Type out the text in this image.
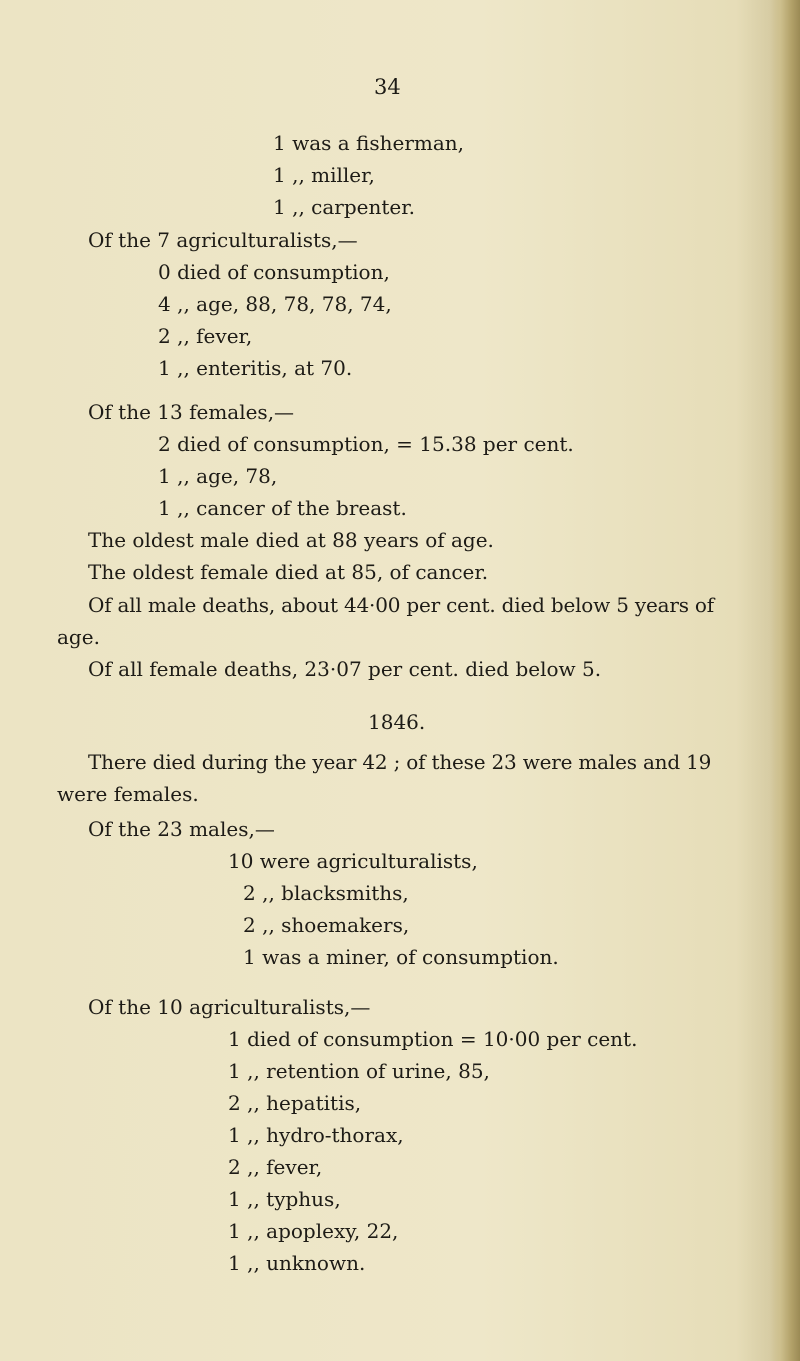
34
1 was a fisherman,
1 ,, miller,
1 ,, carpenter.
Of the 7 agriculturalists,—
0 died of consumption,
4 ,, age, 88, 78, 78, 74,
2 ,, fever,
1 ,, enteritis, at 70.
Of the 13 females,—
2 died of consumption, = 15.38 per cent.
1 ,, age, 78,
1 ,, cancer of the breast.
The oldest male died at 88 years of age.
The oldest female died at 85, of cancer.
Of all male deaths, about 44·00 per cent. died below 5 years of
age.
Of all female deaths, 23·07 per cent. died below 5.
1846.
There died during the year 42 ; of these 23 were males and 19
were females.
Of the 23 males,—
10 were agriculturalists,
2 ,, blacksmiths,
2 ,, shoemakers,
1 was a miner, of consumption.
Of the 10 agriculturalists,—
1 died of consumption = 10·00 per cent.
1 ,, retention of urine, 85,
2 ,, hepatitis,
1 ,, hydro-thorax,
2 ,, fever,
1 ,, typhus,
1 ,, apoplexy, 22,
1 ,, unknown.
